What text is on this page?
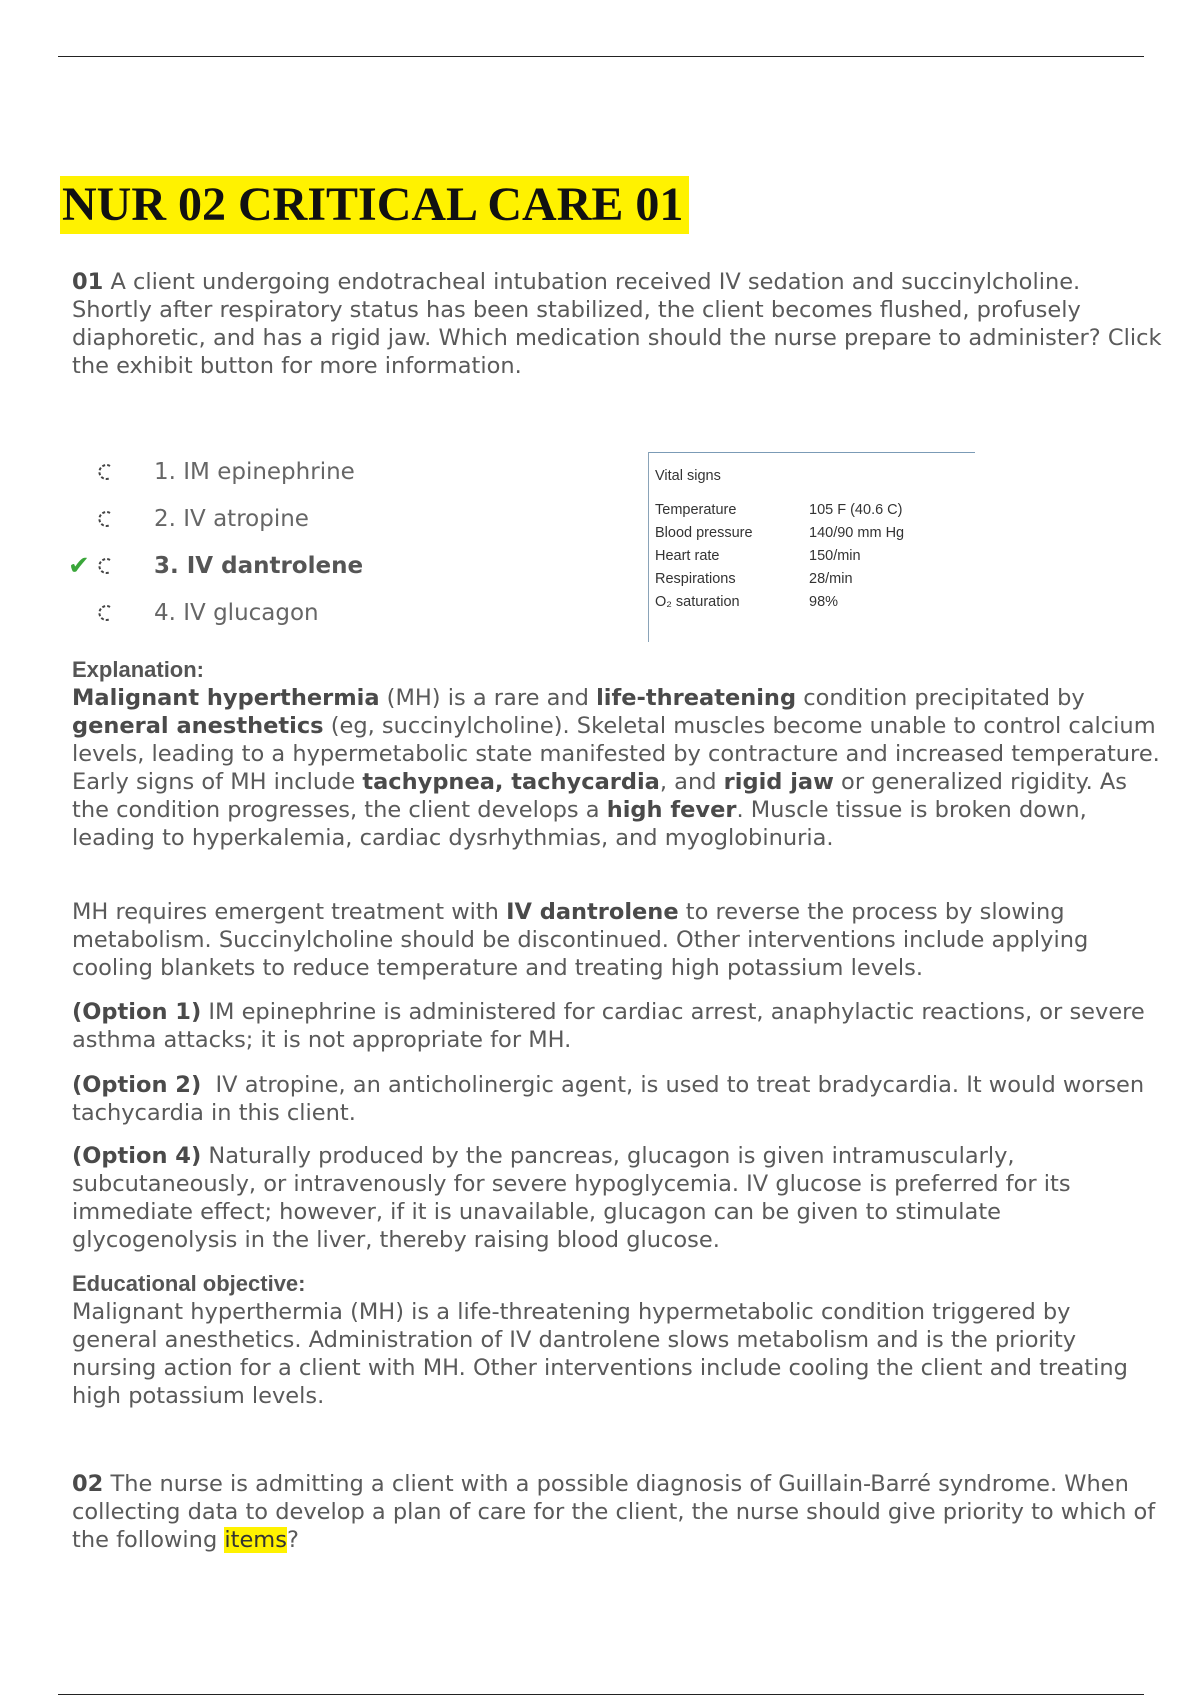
NUR 02 CRITICAL CARE 01

01 A client undergoing endotracheal intubation received IV sedation and succinylcholine. Shortly after respiratory status has been stabilized, the client becomes flushed, profusely diaphoretic, and has a rigid jaw. Which medication should the nurse prepare to administer? Click the exhibit button for more information.

1. IM epinephrine
2. IV atropine
✔	3. IV dantrolene
4. IV glucagon
Vital signs
Temperature	105 F (40.6 C)
Blood pressure	140/90 mm Hg
Heart rate	150/min
Respirations	28/min
O₂ saturation	98%
Explanation:

Malignant hyperthermia (MH) is a rare and life-threatening condition precipitated by general anesthetics (eg, succinylcholine). Skeletal muscles become unable to control calcium levels, leading to a hypermetabolic state manifested by contracture and increased temperature. Early signs of MH include tachypnea, tachycardia, and rigid jaw or generalized rigidity. As the condition progresses, the client develops a high fever. Muscle tissue is broken down, leading to hyperkalemia, cardiac dysrhythmias, and myoglobinuria.

MH requires emergent treatment with IV dantrolene to reverse the process by slowing metabolism. Succinylcholine should be discontinued. Other interventions include applying cooling blankets to reduce temperature and treating high potassium levels.

(Option 1) IM epinephrine is administered for cardiac arrest, anaphylactic reactions, or severe asthma attacks; it is not appropriate for MH.

(Option 2)  IV atropine, an anticholinergic agent, is used to treat bradycardia. It would worsen tachycardia in this client.

(Option 4) Naturally produced by the pancreas, glucagon is given intramuscularly, subcutaneously, or intravenously for severe hypoglycemia. IV glucose is preferred for its immediate effect; however, if it is unavailable, glucagon can be given to stimulate glycogenolysis in the liver, thereby raising blood glucose.

Educational objective:

Malignant hyperthermia (MH) is a life-threatening hypermetabolic condition triggered by general anesthetics. Administration of IV dantrolene slows metabolism and is the priority nursing action for a client with MH. Other interventions include cooling the client and treating high potassium levels.

02 The nurse is admitting a client with a possible diagnosis of Guillain-Barré syndrome. When collecting data to develop a plan of care for the client, the nurse should give priority to which of the following items?
